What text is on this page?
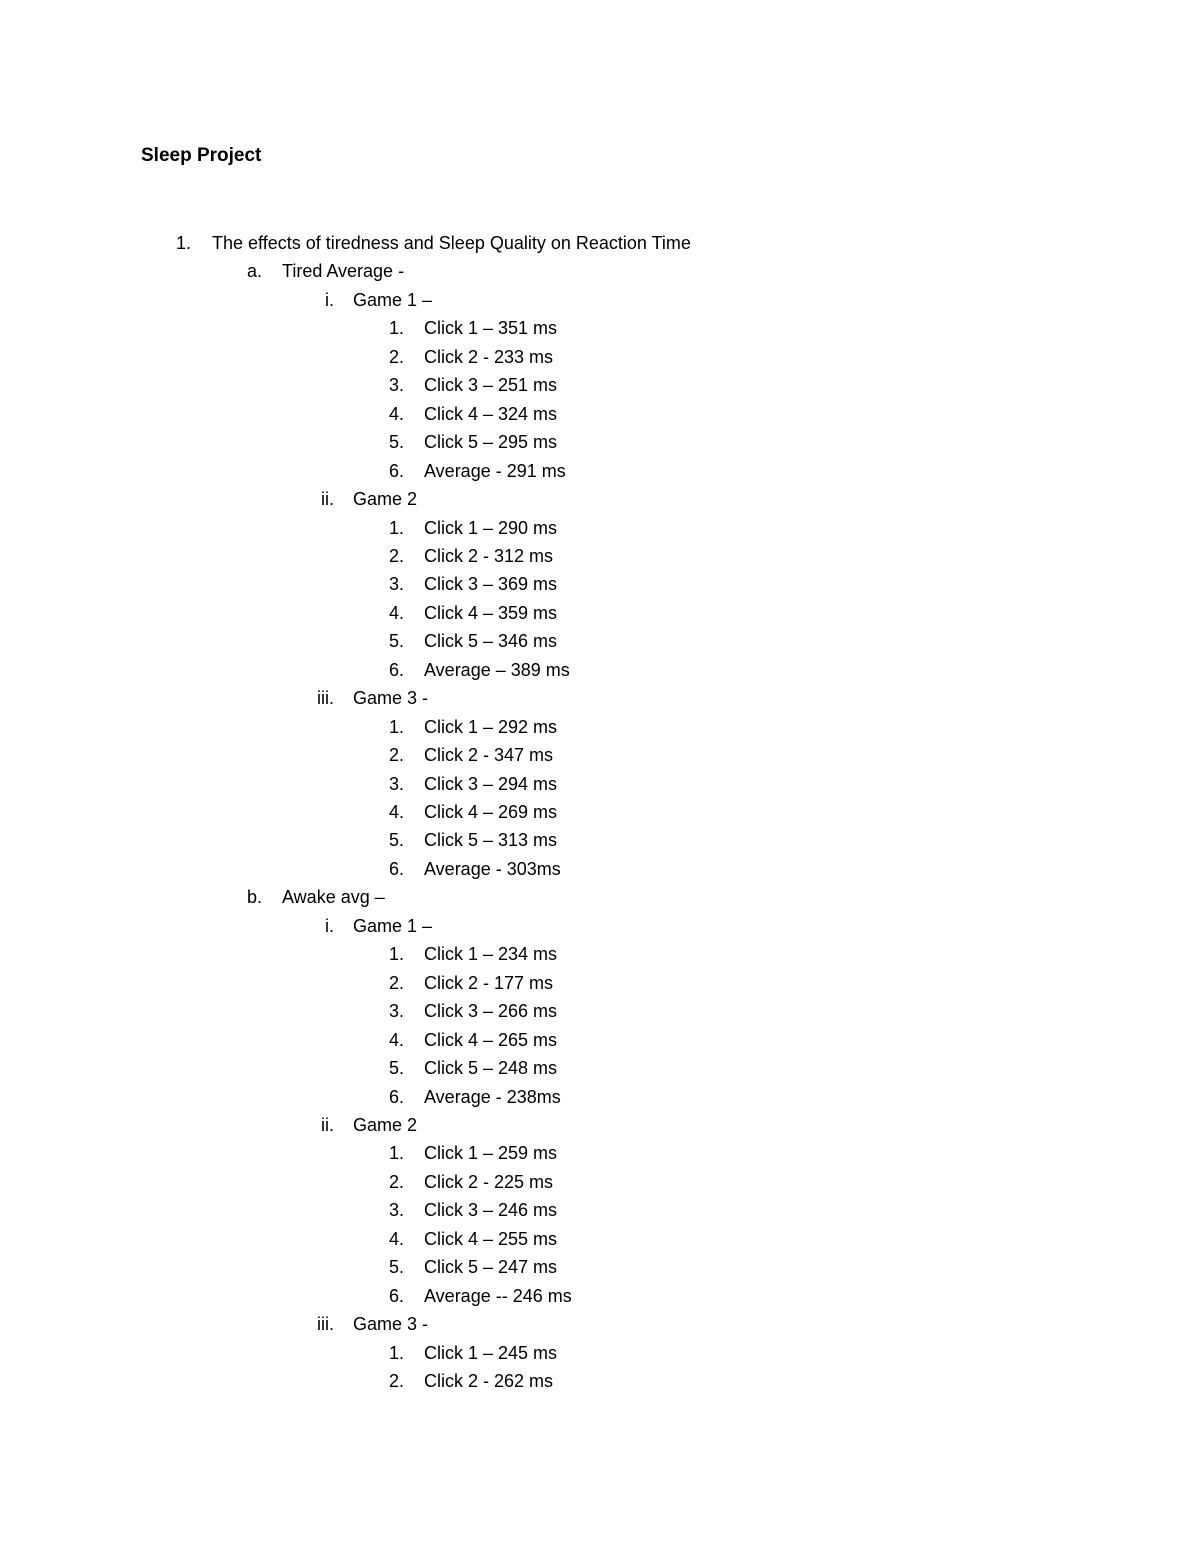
Sleep Project
1. The effects of tiredness and Sleep Quality on Reaction Time
a. Tired Average -
i. Game 1 –
1. Click 1 – 351 ms
2. Click 2 - 233 ms
3. Click 3 – 251 ms
4. Click 4 – 324 ms
5. Click 5 – 295 ms
6. Average - 291 ms
ii. Game 2
1. Click 1 – 290 ms
2. Click 2 - 312 ms
3. Click 3 – 369 ms
4. Click 4 – 359 ms
5. Click 5 – 346 ms
6. Average – 389 ms
iii. Game 3 -
1. Click 1 – 292 ms
2. Click 2 - 347 ms
3. Click 3 – 294 ms
4. Click 4 – 269 ms
5. Click 5 – 313 ms
6. Average - 303ms
b. Awake avg –
i. Game 1 –
1. Click 1 – 234 ms
2. Click 2 - 177 ms
3. Click 3 – 266 ms
4. Click 4 – 265 ms
5. Click 5 – 248 ms
6. Average - 238ms
ii. Game 2
1. Click 1 – 259 ms
2. Click 2 - 225 ms
3. Click 3 – 246 ms
4. Click 4 – 255 ms
5. Click 5 – 247 ms
6. Average -- 246 ms
iii. Game 3 -
1. Click 1 – 245 ms
2. Click 2 - 262 ms
